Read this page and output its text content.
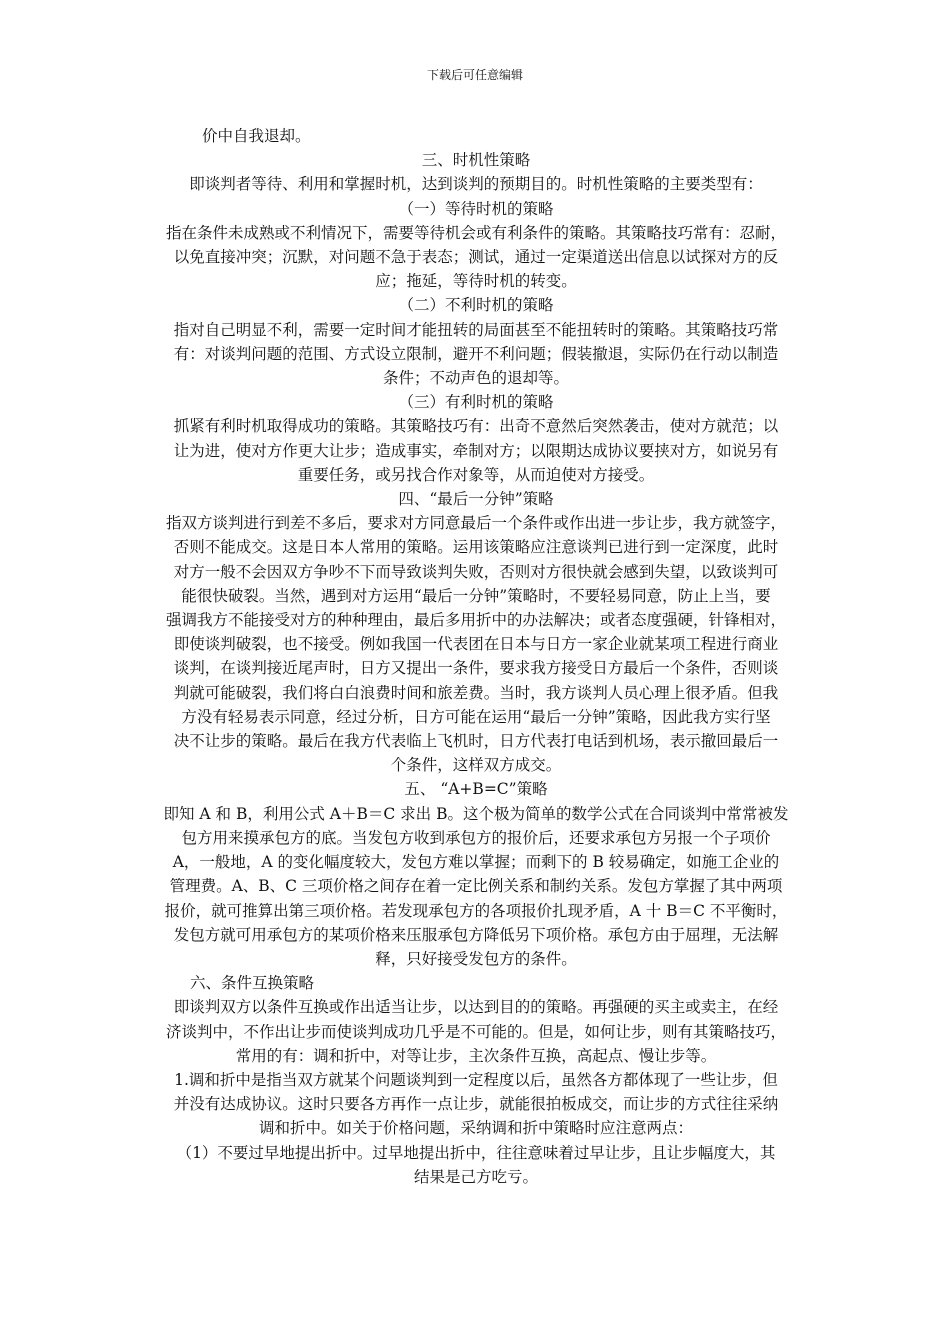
下载后可任意编辑

价中自我退却。

三、时机性策略

即谈判者等待、利用和掌握时机，达到谈判的预期目的。时机性策略的主要类型有：

（一）等待时机的策略

指在条件未成熟或不利情况下，需要等待机会或有利条件的策略。其策略技巧常有：忍耐，

以免直接冲突；沉默，对问题不急于表态；测试，通过一定渠道送出信息以试探对方的反

应；拖延，等待时机的转变。

（二）不利时机的策略

指对自己明显不利，需要一定时间才能扭转的局面甚至不能扭转时的策略。其策略技巧常

有：对谈判问题的范围、方式设立限制，避开不利问题；假装撤退，实际仍在行动以制造

条件；不动声色的退却等。

（三）有利时机的策略

抓紧有利时机取得成功的策略。其策略技巧有：出奇不意然后突然袭击，使对方就范；以

让为进，使对方作更大让步；造成事实，牵制对方；以限期达成协议要挟对方，如说另有

重要任务，或另找合作对象等，从而迫使对方接受。

四、“最后一分钟”策略

指双方谈判进行到差不多后，要求对方同意最后一个条件或作出进一步让步，我方就签字，

否则不能成交。这是日本人常用的策略。运用该策略应注意谈判已进行到一定深度，此时

对方一般不会因双方争吵不下而导致谈判失败，否则对方很快就会感到失望，以致谈判可

能很快破裂。当然，遇到对方运用“最后一分钟”策略时，不要轻易同意，防止上当，要

强调我方不能接受对方的种种理由，最后多用折中的办法解决；或者态度强硬，针锋相对，

即使谈判破裂，也不接受。例如我国一代表团在日本与日方一家企业就某项工程进行商业

谈判，在谈判接近尾声时，日方又提出一条件，要求我方接受日方最后一个条件，否则谈

判就可能破裂，我们将白白浪费时间和旅差费。当时，我方谈判人员心理上很矛盾。但我

方没有轻易表示同意，经过分析，日方可能在运用“最后一分钟”策略，因此我方实行坚

决不让步的策略。最后在我方代表临上飞机时，日方代表打电话到机场，表示撤回最后一

个条件，这样双方成交。

五、 “A+B=C”策略

即知 A 和 B，利用公式 A＋B＝C 求出 B。这个极为简单的数学公式在合同谈判中常常被发

包方用来摸承包方的底。当发包方收到承包方的报价后，还要求承包方另报一个子项价

A，一般地，A 的变化幅度较大，发包方难以掌握；而剩下的 B 较易确定，如施工企业的

管理费。A、B、C 三项价格之间存在着一定比例关系和制约关系。发包方掌握了其中两项

报价，就可推算出第三项价格。若发现承包方的各项报价扎现矛盾，A 十 B＝C 不平衡时，

发包方就可用承包方的某项价格来压服承包方降低另下项价格。承包方由于屈理，无法解

释，只好接受发包方的条件。

六、条件互换策略

即谈判双方以条件互换或作出适当让步，以达到目的的策略。再强硬的买主或卖主，在经

济谈判中，不作出让步而使谈判成功几乎是不可能的。但是，如何让步，则有其策略技巧，

常用的有：调和折中，对等让步，主次条件互换，高起点、慢让步等。

1.调和折中是指当双方就某个问题谈判到一定程度以后，虽然各方都体现了一些让步，但

并没有达成协议。这时只要各方再作一点让步，就能很拍板成交，而让步的方式往往采纳

调和折中。如关于价格问题，采纳调和折中策略时应注意两点：

（1）不要过早地提出折中。过早地提出折中，往往意味着过早让步，且让步幅度大，其

结果是己方吃亏。
